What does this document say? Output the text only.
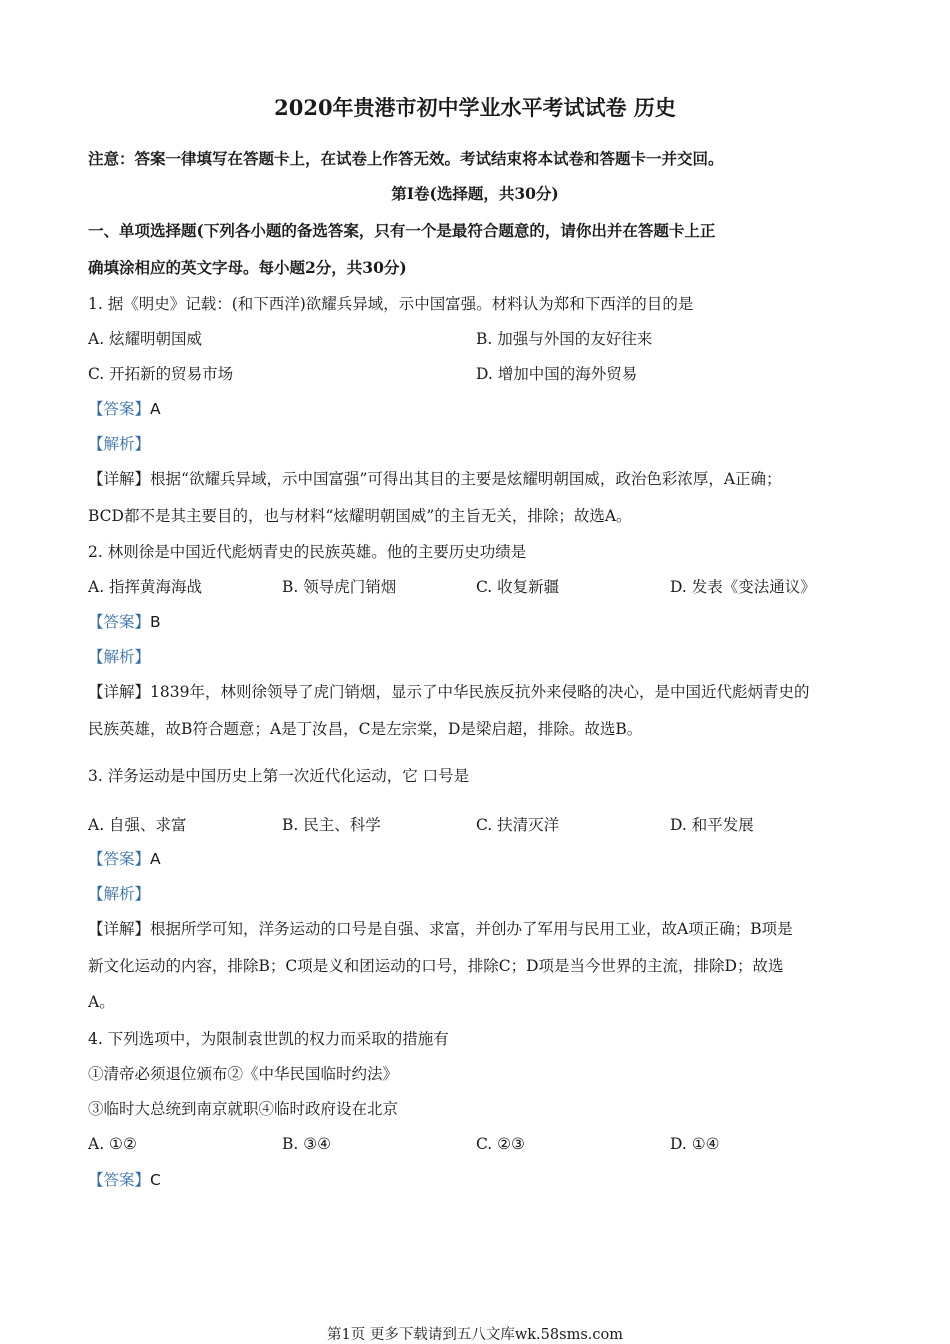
2020年贵港市初中学业水平考试试卷 历史
注意：答案一律填写在答题卡上，在试卷上作答无效。考试结束将本试卷和答题卡一并交回。
第I卷(选择题，共30分)
一、单项选择题(下列各小题的备选答案，只有一个是最符合题意的，请你出并在答题卡上正
确填涂相应的英文字母。每小题2分，共30分)
1. 据《明史》记载：(和下西洋)欲耀兵异域，示中国富强。材料认为郑和下西洋的目的是
A. 炫耀明朝国威	B. 加强与外国的友好往来
C. 开拓新的贸易市场	D. 增加中国的海外贸易
【答案】A
【解析】
【详解】根据“欲耀兵异域，示中国富强”可得出其目的主要是炫耀明朝国威，政治色彩浓厚，A正确；
BCD都不是其主要目的，也与材料“炫耀明朝国威”的主旨无关，排除；故选A。
2. 林则徐是中国近代彪炳青史的民族英雄。他的主要历史功绩是
A. 指挥黄海海战	B. 领导虎门销烟	C. 收复新疆	D. 发表《变法通议》
【答案】B
【解析】
【详解】1839年，林则徐领导了虎门销烟，显示了中华民族反抗外来侵略的决心，是中国近代彪炳青史的
民族英雄，故B符合题意；A是丁汝昌，C是左宗棠，D是梁启超，排除。故选B。
3. 洋务运动是中国历史上第一次近代化运动，它 口号是
A. 自强、求富	B. 民主、科学	C. 扶清灭洋	D. 和平发展
【答案】A
【解析】
【详解】根据所学可知，洋务运动的口号是自强、求富，并创办了军用与民用工业，故A项正确；B项是
新文化运动的内容，排除B；C项是义和团运动的口号，排除C；D项是当今世界的主流，排除D；故选
A。
4. 下列选项中，为限制袁世凯的权力而采取的措施有
①清帝必须退位颁布②《中华民国临时约法》
③临时大总统到南京就职④临时政府设在北京
A. ①②	B. ③④	C. ②③	D. ①④
【答案】C
第1页 更多下载请到五八文库wk.58sms.com
